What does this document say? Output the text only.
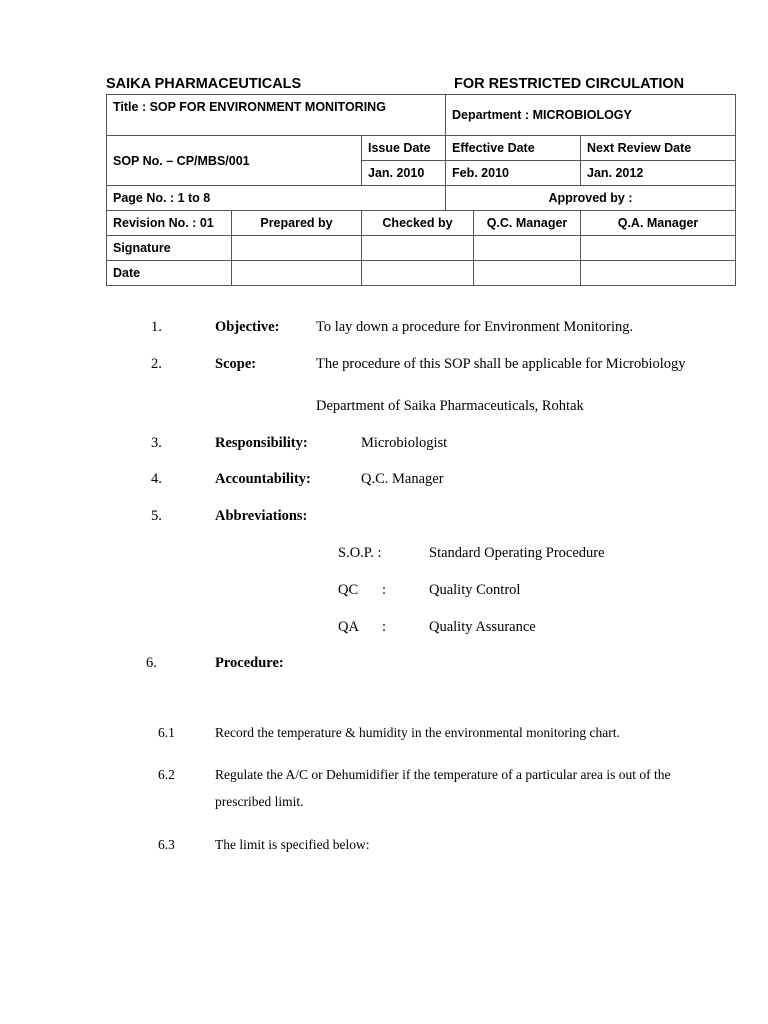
SAIKA PHARMACEUTICALS	FOR RESTRICTED CIRCULATION
Title : SOP FOR ENVIRONMENT MONITORING			Department : MICROBIOLOGY		
SOP No. – CP/MBS/001		Issue Date	Effective Date		Next Review Date
		Jan. 2010	Feb. 2010		Jan. 2012
Page No. : 1 to 8			Approved by :		
Revision No. : 01	Prepared by	Checked by		Q.C. Manager	Q.A. Manager
Signature					
Date					
1.	Objective:	To lay down a procedure for Environment Monitoring.
2.	Scope:	The procedure of this SOP shall be applicable for Microbiology
Department of Saika Pharmaceuticals, Rohtak
3.	Responsibility:	Microbiologist
4.	Accountability:	Q.C. Manager
5.	Abbreviations:
S.O.P. :	Standard Operating Procedure
QC :	Quality Control
QA :	Quality Assurance
6.	Procedure:
6.1	Record the temperature & humidity in the environmental monitoring chart.
6.2	Regulate the A/C or Dehumidifier if the temperature of a particular area is out of the
prescribed limit.
6.3	The limit is specified below:
